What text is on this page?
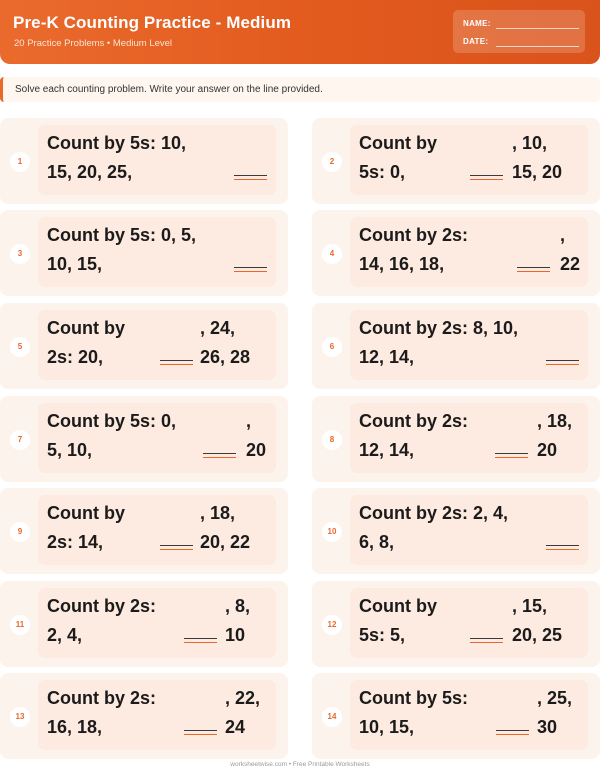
Pre-K Counting Practice - Medium
20 Practice Problems • Medium Level
NAME:
DATE:
Solve each counting problem. Write your answer on the line provided.
1
Count by 5s: 10,
15, 20, 25,
2
Count by	, 10,
5s: 0,	15, 20
3
Count by 5s: 0, 5,
10, 15,
4
Count by 2s:	,
14, 16, 18,	22
5
Count by	, 24,
2s: 20,	26, 28
6
Count by 2s: 8, 10,
12, 14,
7
Count by 5s: 0,	,
5, 10,	20
8
Count by 2s:	, 18,
12, 14,	20
9
Count by	, 18,
2s: 14,	20, 22
10
Count by 2s: 2, 4,
6, 8,
11
Count by 2s:	, 8,
2, 4,	10
12
Count by	, 15,
5s: 5,	20, 25
13
Count by 2s:	, 22,
16, 18,	24
14
Count by 5s:	, 25,
10, 15,	30
worksheetwise.com • Free Printable Worksheets
